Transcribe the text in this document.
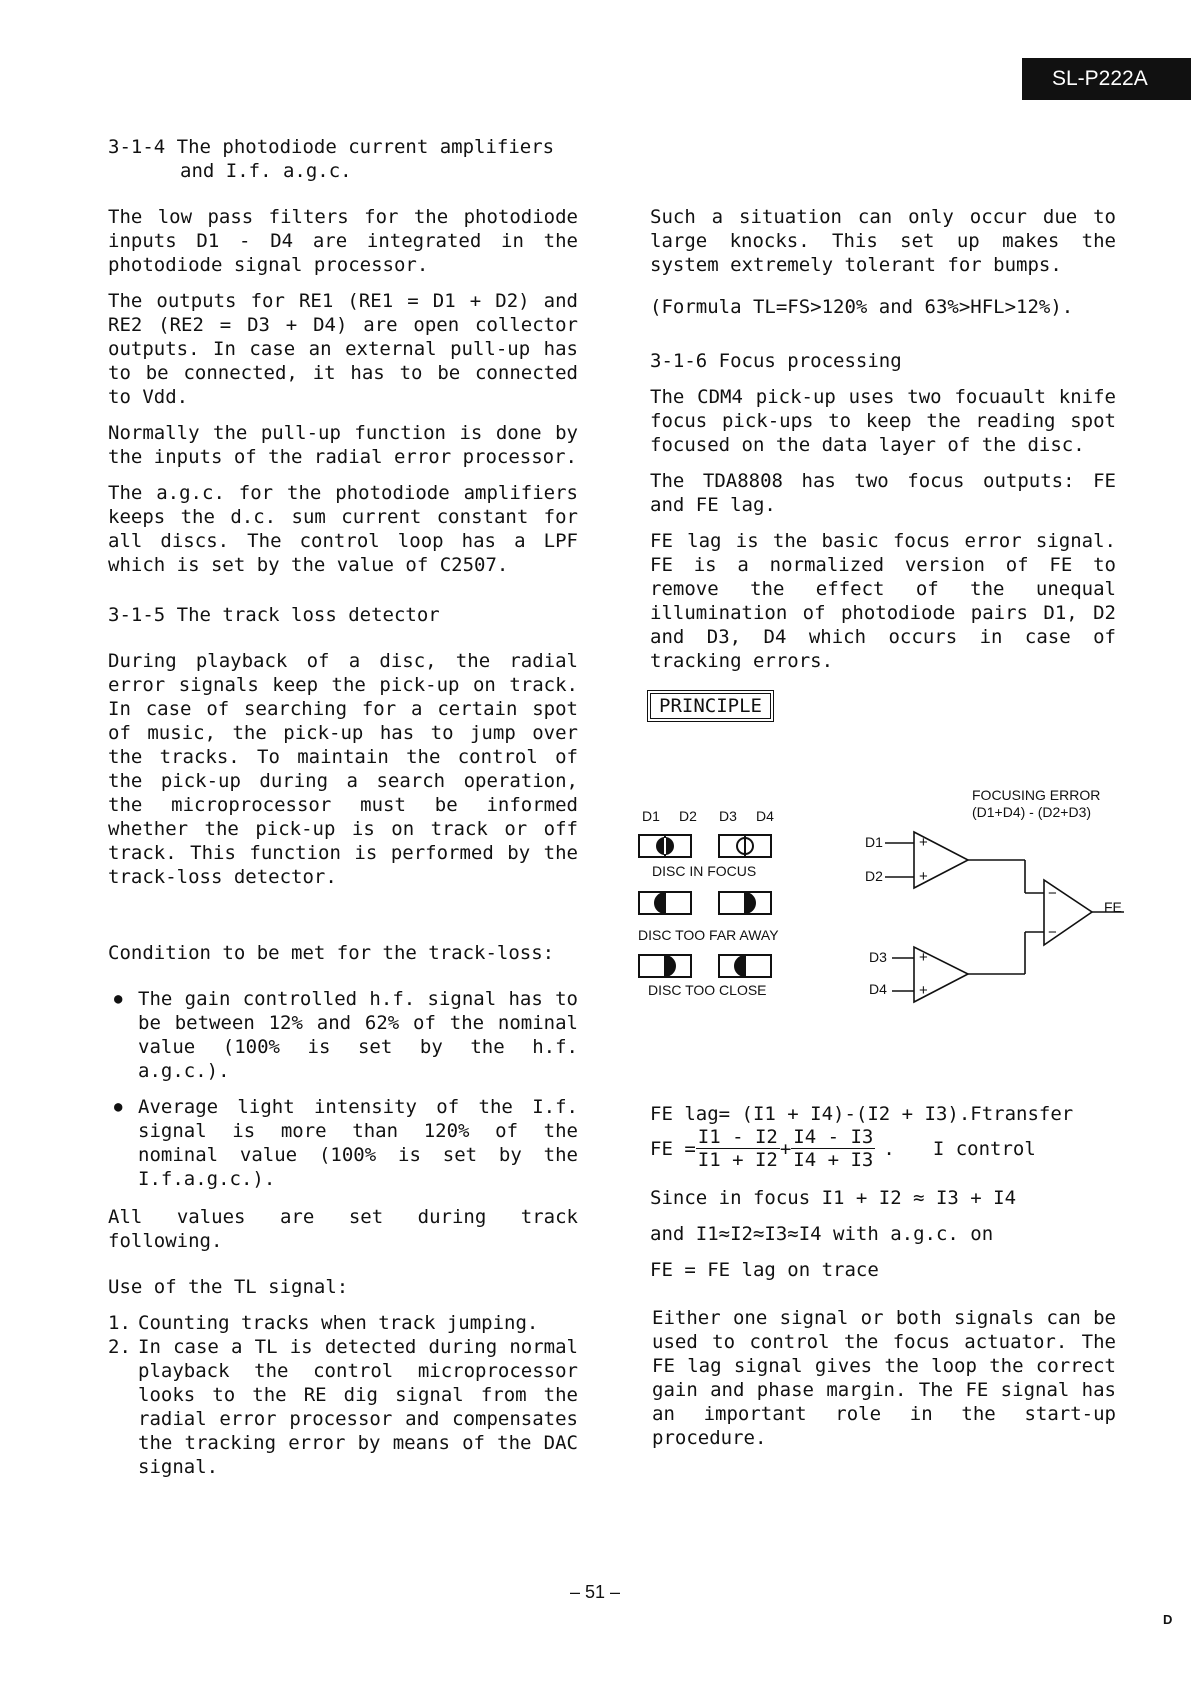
SL-P222A
3-1-4 The photodiode current amplifiers
and I.f. a.g.c.

The low pass filters for the photodiode inputs D1 - D4 are integrated in the photodiode signal processor.

The outputs for RE1 (RE1 = D1 + D2) and RE2 (RE2 = D3 + D4) are open collector outputs. In case an external pull-up has to be connected, it has to be connected to Vdd.

Normally the pull-up function is done by the inputs of the radial error processor.

The a.g.c. for the photodiode amplifiers keeps the d.c. sum current constant for all discs. The control loop has a LPF which is set by the value of C2507.

3-1-5 The track loss detector

During playback of a disc, the radial error signals keep the pick-up on track. In case of searching for a certain spot of music, the pick-up has to jump over the tracks. To maintain the control of the pick-up during a search operation, the microprocessor must be informed whether the pick-up is on track or off track. This function is performed by the track-loss detector.

Condition to be met for the track-loss:

● The gain controlled h.f. signal has to be between 12% and 62% of the nominal value (100% is set by the h.f. a.g.c.).
● Average light intensity of the I.f. signal is more than 120% of the nominal value (100% is set by the I.f.a.g.c.).

All values are set during track following.

Use of the TL signal:

1. Counting tracks when track jumping.
2. In case a TL is detected during normal playback the control microprocessor looks to the RE dig signal from the radial error processor and compensates the tracking error by means of the DAC signal.

Such a situation can only occur due to large knocks. This set up makes the system extremely tolerant for bumps.

(Formula TL=FS>120% and 63%>HFL>12%).

3-1-6 Focus processing

The CDM4 pick-up uses two focuault knife focus pick-ups to keep the reading spot focused on the data layer of the disc.

The TDA8808 has two focus outputs: FE and FE lag.

FE lag is the basic focus error signal. FE is a normalized version of FE to remove the effect of the unequal illumination of photodiode pairs D1, D2 and D3, D4 which occurs in case of tracking errors.

PRINCIPLE
D1 D2 D3 D4
DISC IN FOCUS
DISC TOO FAR AWAY
DISC TOO CLOSE
FOCUSING ERROR
(D1+D4) - (D2+D3)
D1
D2
D3
D4
FE
+
+
+
+
−
−
FE lag= (I1 + I4)-(I2 + I3).Ftransfer
FE = $\frac{I1 - I2}{I1 + I2} + \frac{I4 - I3}{I4 + I3}$ . I control
Since in focus I1 + I2 ≈ I3 + I4
and I1≈I2≈I3≈I4 with a.g.c. on
FE = FE lag on trace

Either one signal or both signals can be used to control the focus actuator. The FE lag signal gives the loop the correct gain and phase margin. The FE signal has an important role in the start-up procedure.

– 51 –
D
